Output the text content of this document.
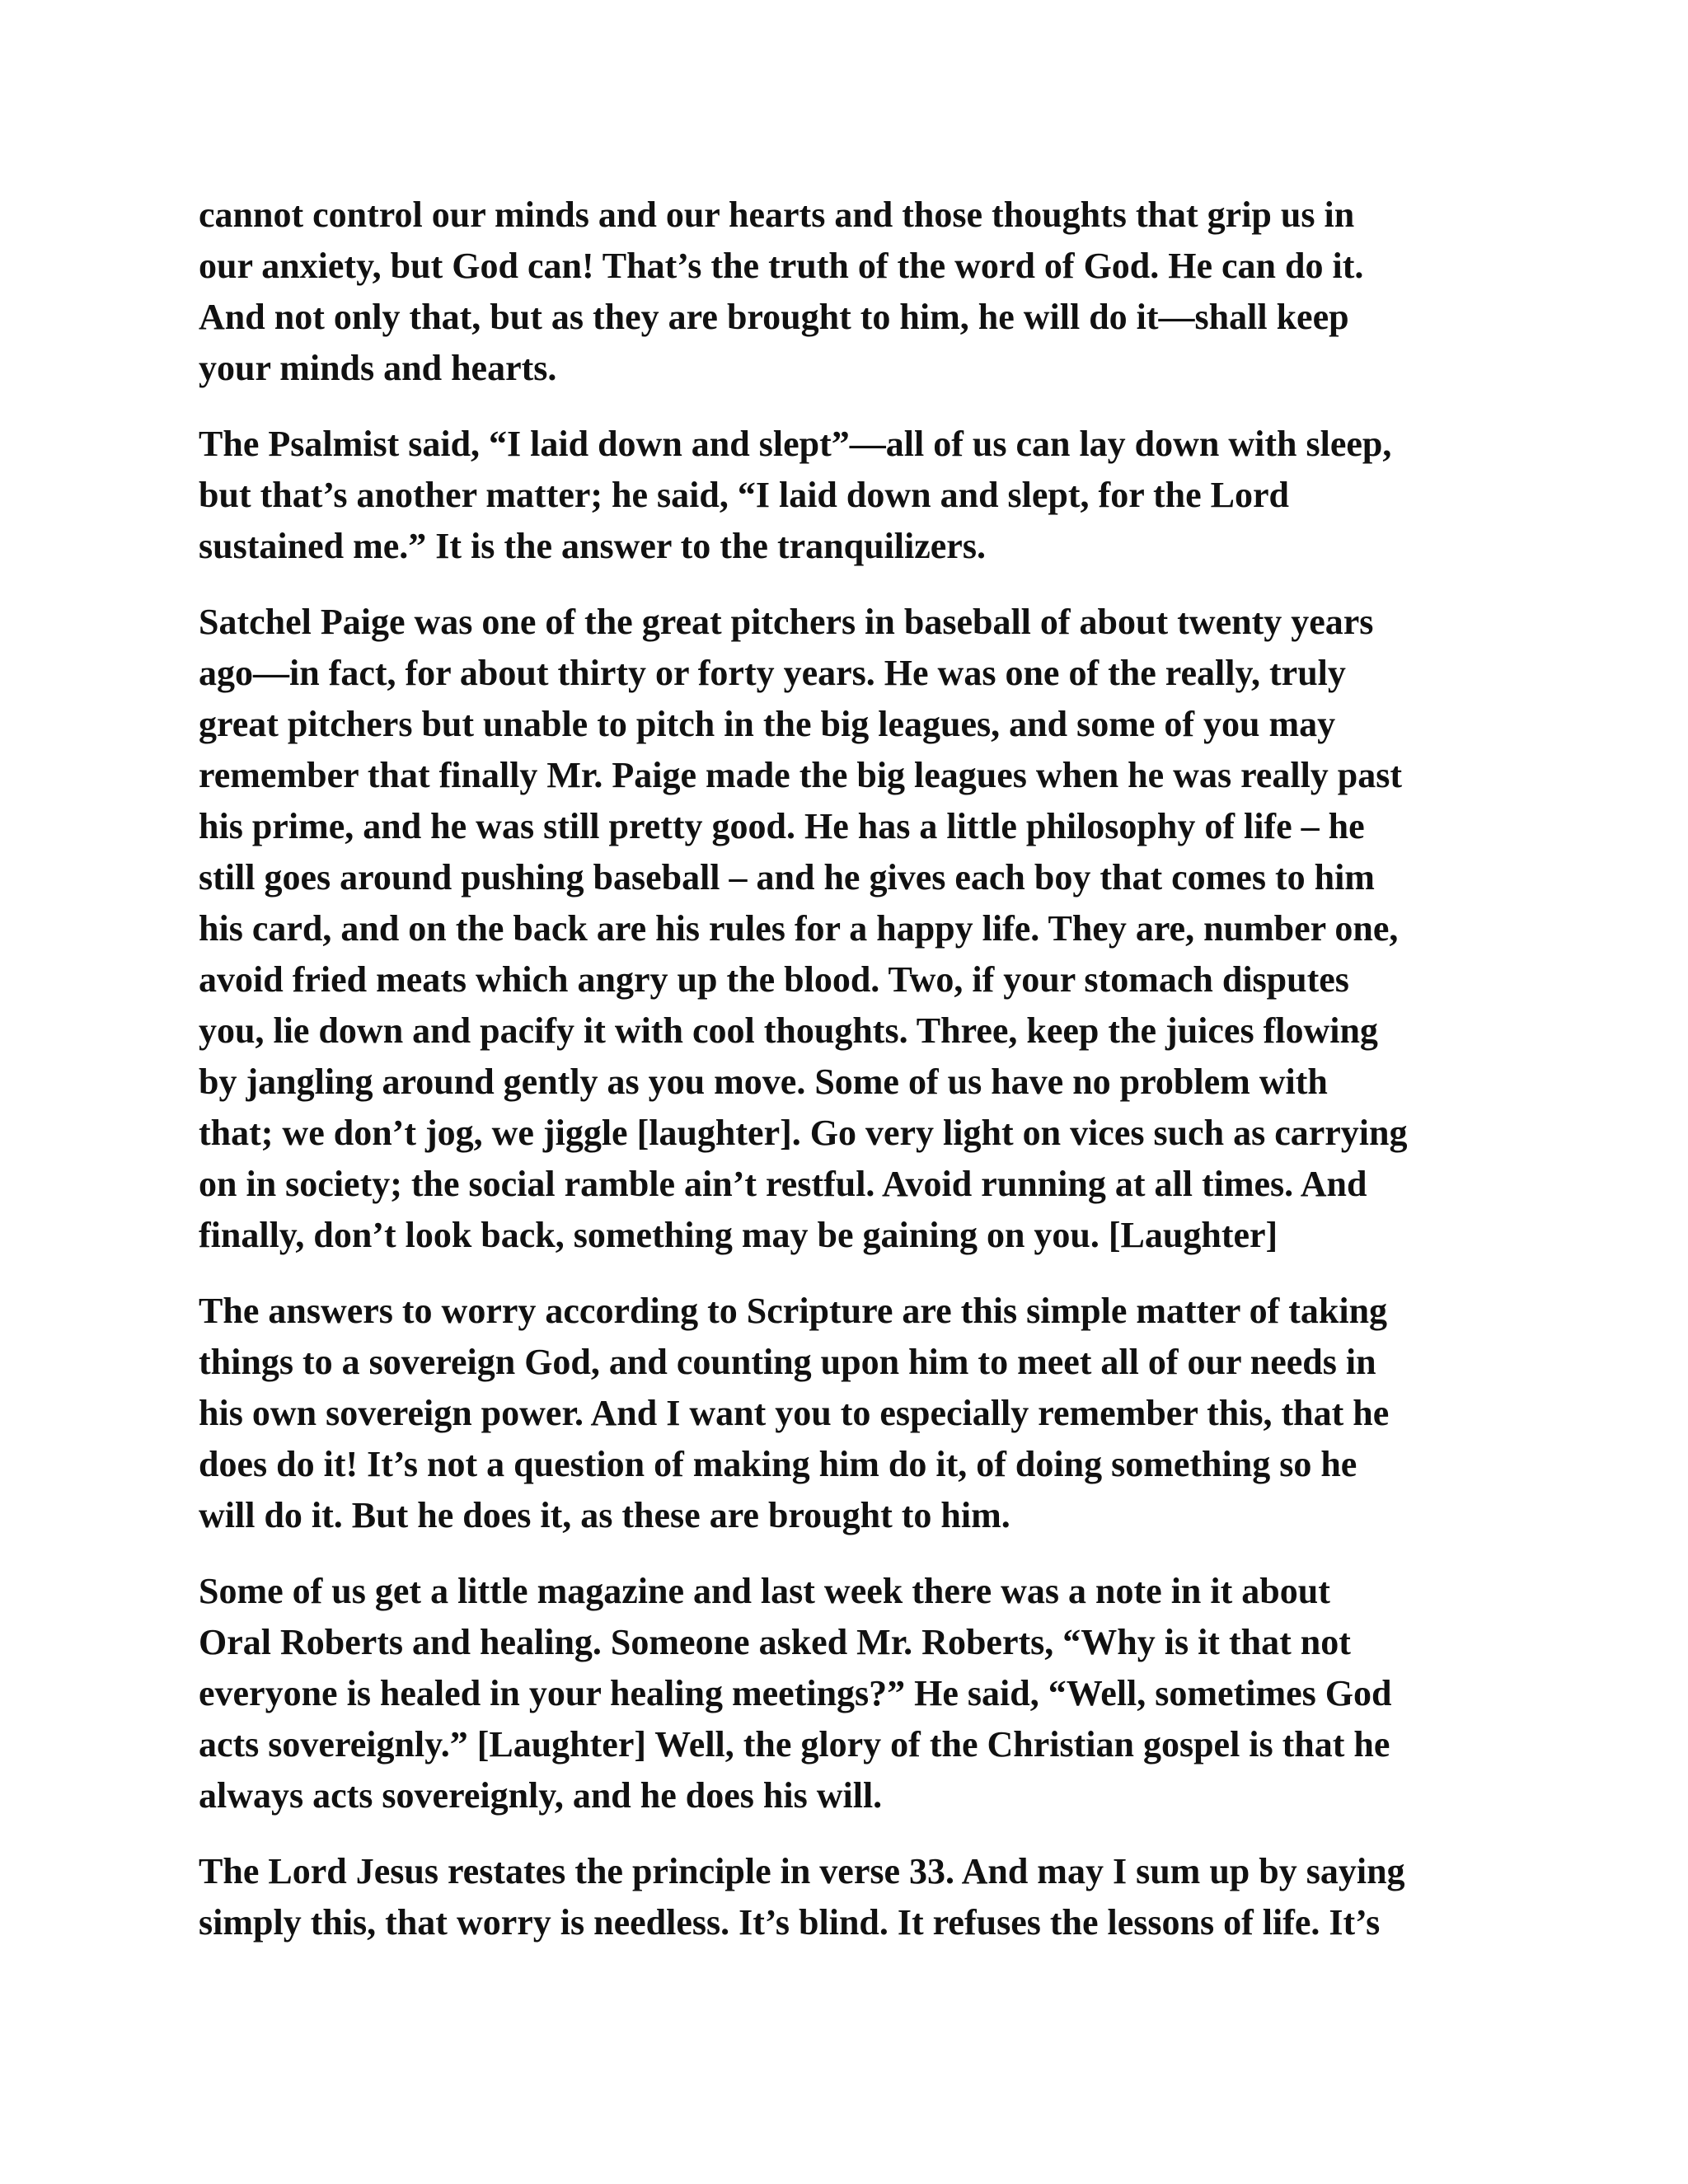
cannot control our minds and our hearts and those thoughts that grip us in
our anxiety, but God can! That’s the truth of the word of God. He can do it.
And not only that, but as they are brought to him, he will do it—shall keep
your minds and hearts.

The Psalmist said, “I laid down and slept”—all of us can lay down with sleep,
but that’s another matter; he said, “I laid down and slept, for the Lord
sustained me.” It is the answer to the tranquilizers.

Satchel Paige was one of the great pitchers in baseball of about twenty years
ago—in fact, for about thirty or forty years. He was one of the really, truly
great pitchers but unable to pitch in the big leagues, and some of you may
remember that finally Mr. Paige made the big leagues when he was really past
his prime, and he was still pretty good. He has a little philosophy of life – he
still goes around pushing baseball – and he gives each boy that comes to him
his card, and on the back are his rules for a happy life. They are, number one,
avoid fried meats which angry up the blood. Two, if your stomach disputes
you, lie down and pacify it with cool thoughts. Three, keep the juices flowing
by jangling around gently as you move. Some of us have no problem with
that; we don’t jog, we jiggle [laughter]. Go very light on vices such as carrying
on in society; the social ramble ain’t restful. Avoid running at all times. And
finally, don’t look back, something may be gaining on you. [Laughter]

The answers to worry according to Scripture are this simple matter of taking
things to a sovereign God, and counting upon him to meet all of our needs in
his own sovereign power. And I want you to especially remember this, that he
does do it! It’s not a question of making him do it, of doing something so he
will do it. But he does it, as these are brought to him.

Some of us get a little magazine and last week there was a note in it about
Oral Roberts and healing. Someone asked Mr. Roberts, “Why is it that not
everyone is healed in your healing meetings?” He said, “Well, sometimes God
acts sovereignly.” [Laughter] Well, the glory of the Christian gospel is that he
always acts sovereignly, and he does his will.

The Lord Jesus restates the principle in verse 33. And may I sum up by saying
simply this, that worry is needless. It’s blind. It refuses the lessons of life. It’s
